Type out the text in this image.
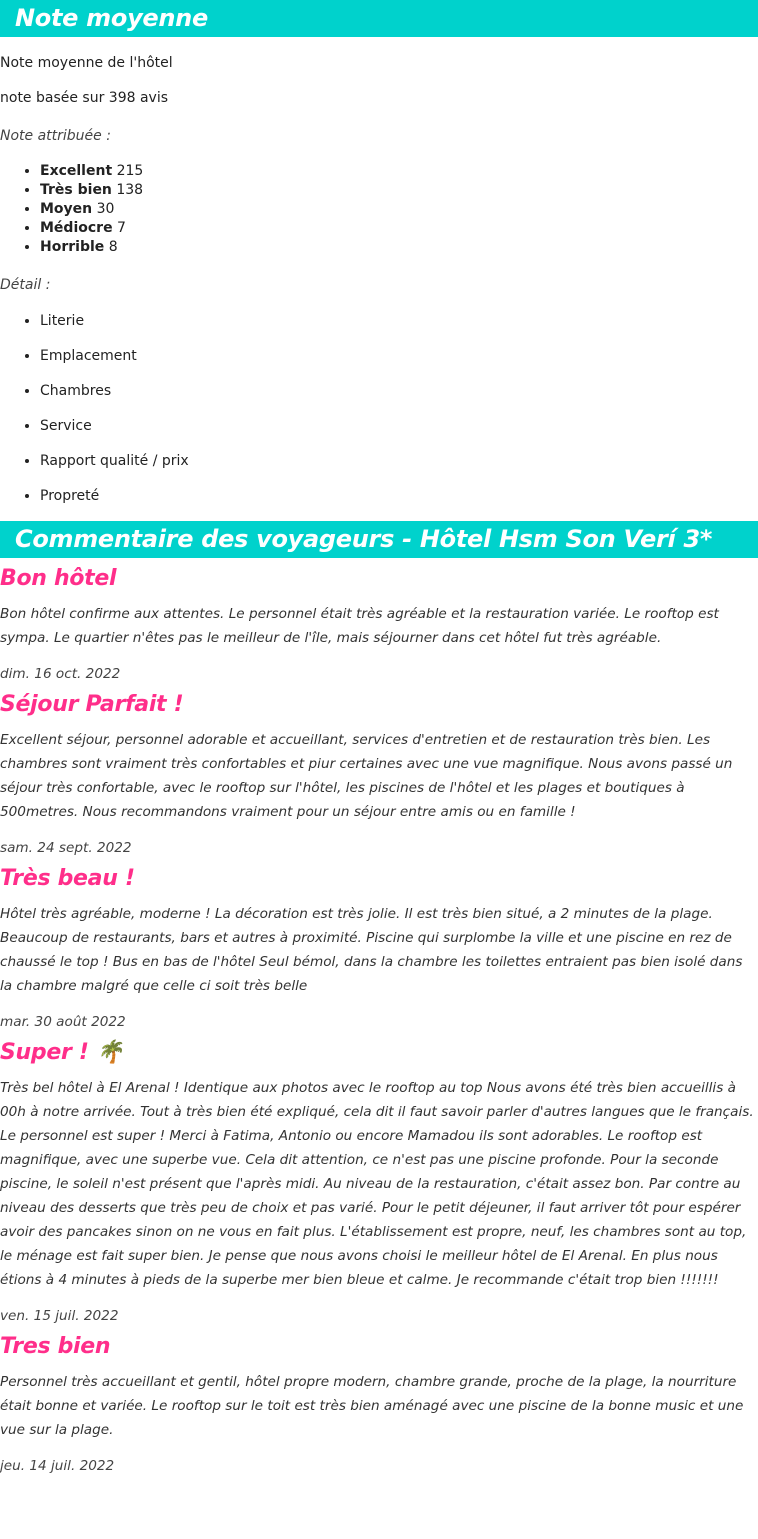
Note moyenne

Note moyenne de l'hôtel

note basée sur 398 avis

Note attribuée :

• Excellent 215
• Très bien 138
• Moyen 30
• Médiocre 7
• Horrible 8

Détail :

• Literie
• Emplacement
• Chambres
• Service
• Rapport qualité / prix
• Propreté
Commentaire des voyageurs - Hôtel Hsm Son Verí 3*
Bon hôtel

Bon hôtel confirme aux attentes. Le personnel était très agréable et la restauration variée. Le rooftop est sympa. Le quartier n'êtes pas le meilleur de l'île, mais séjourner dans cet hôtel fut très agréable.

dim. 16 oct. 2022

Séjour Parfait !

Excellent séjour, personnel adorable et accueillant, services d'entretien et de restauration très bien. Les chambres sont vraiment très confortables et piur certaines avec une vue magnifique. Nous avons passé un séjour très confortable, avec le rooftop sur l'hôtel, les piscines de l'hôtel et les plages et boutiques à 500metres. Nous recommandons vraiment pour un séjour entre amis ou en famille !

sam. 24 sept. 2022

Très beau !

Hôtel très agréable, moderne ! La décoration est très jolie. Il est très bien situé, a 2 minutes de la plage. Beaucoup de restaurants, bars et autres à proximité. Piscine qui surplombe la ville et une piscine en rez de chaussé le top ! Bus en bas de l'hôtel Seul bémol, dans la chambre les toilettes entraient pas bien isolé dans la chambre malgré que celle ci soit très belle

mar. 30 août 2022

Super ! 🌴

Très bel hôtel à El Arenal ! Identique aux photos avec le rooftop au top Nous avons été très bien accueillis à 00h à notre arrivée. Tout à très bien été expliqué, cela dit il faut savoir parler d'autres langues que le français. Le personnel est super ! Merci à Fatima, Antonio ou encore Mamadou ils sont adorables. Le rooftop est magnifique, avec une superbe vue. Cela dit attention, ce n'est pas une piscine profonde. Pour la seconde piscine, le soleil n'est présent que l'après midi. Au niveau de la restauration, c'était assez bon. Par contre au niveau des desserts que très peu de choix et pas varié. Pour le petit déjeuner, il faut arriver tôt pour espérer avoir des pancakes sinon on ne vous en fait plus. L'établissement est propre, neuf, les chambres sont au top, le ménage est fait super bien. Je pense que nous avons choisi le meilleur hôtel de El Arenal. En plus nous étions à 4 minutes à pieds de la superbe mer bien bleue et calme. Je recommande c'était trop bien !!!!!!!

ven. 15 juil. 2022

Tres bien

Personnel très accueillant et gentil, hôtel propre modern, chambre grande, proche de la plage, la nourriture était bonne et variée. Le rooftop sur le toit est très bien aménagé avec une piscine de la bonne music et une vue sur la plage.

jeu. 14 juil. 2022
